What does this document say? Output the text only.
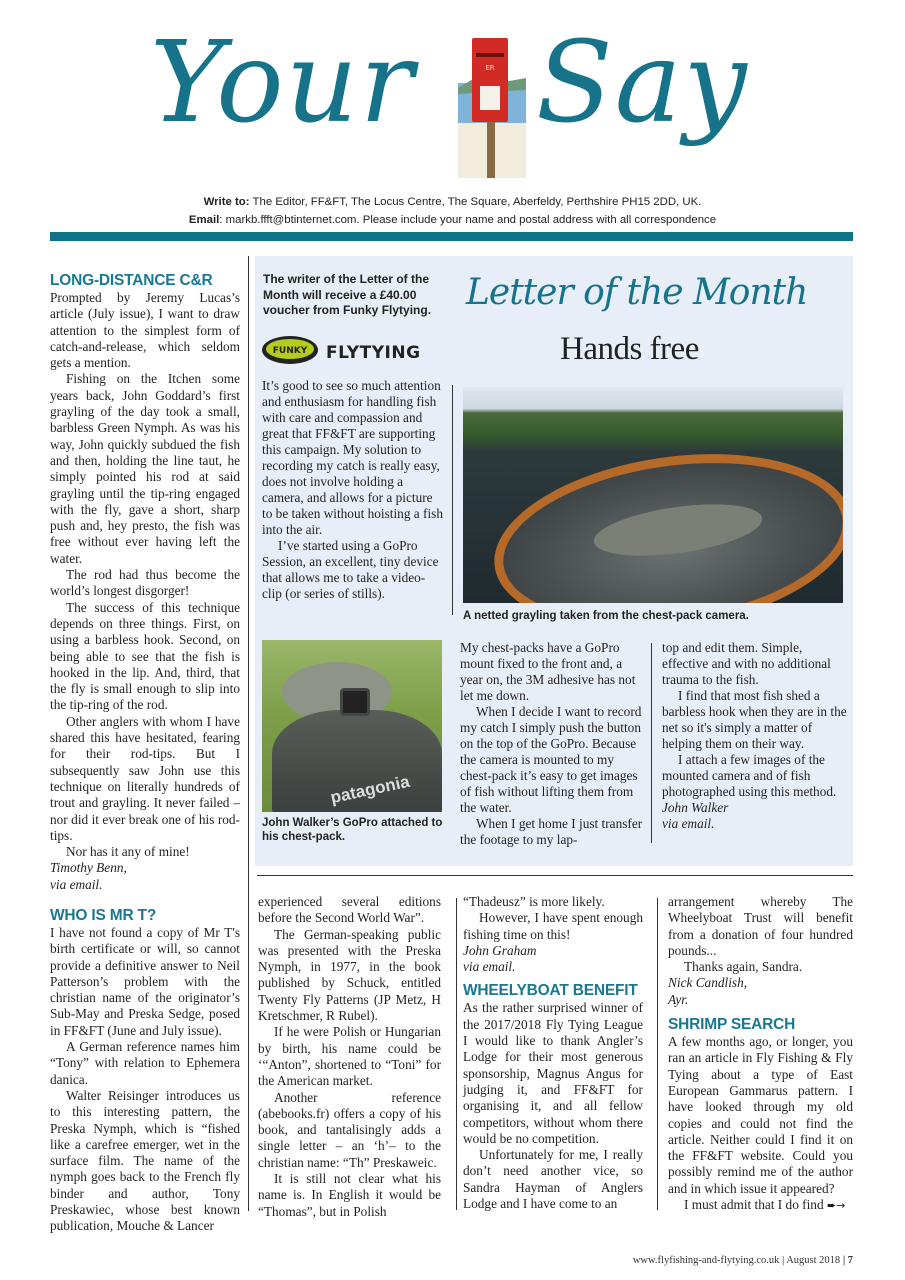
Your	ER Say
Write to: The Editor, FF&FT, The Locus Centre, The Square, Aberfeldy, Perthshire PH15 2DD, UK.
Email: markb.ffft@btinternet.com. Please include your name and postal address with all correspondence
LONG-DISTANCE C&R

Prompted by Jeremy Lucas’s article (July issue), I want to draw attention to the simplest form of catch-and-release, which seldom gets a mention.

Fishing on the Itchen some years back, John Goddard’s first grayling of the day took a small, barbless Green Nymph. As was his way, John quickly subdued the fish and then, holding the line taut, he simply pointed his rod at said grayling until the tip-ring engaged with the fly, gave a short, sharp push and, hey presto, the fish was free without ever having left the water.

The rod had thus become the world’s longest disgorger!

The success of this technique depends on three things. First, on using a barbless hook. Second, on being able to see that the fish is hooked in the lip. And, third, that the fly is small enough to slip into the tip-ring of the rod.

Other anglers with whom I have shared this have hesitated, fearing for their rod-tips. But I subsequently saw John use this technique on literally hundreds of trout and grayling. It never failed – nor did it ever break one of his rod-tips.

Nor has it any of mine!

Timothy Benn,

via email.

WHO IS MR T?

I have not found a copy of Mr T's birth certificate or will, so cannot provide a definitive answer to Neil Patterson’s problem with the christian name of the originator’s Sub-May and Preska Sedge, posed in FF&FT (June and July issue).

A German reference names him “Tony” with relation to Ephemera danica.

Walter Reisinger introduces us to this interesting pattern, the Preska Nymph, which is “fished like a carefree emerger, wet in the surface film. The name of the nymph goes back to the French fly binder and author, Tony Preskawiec, whose best known publication, Mouche & Lancer

The writer of the Letter of the Month will receive a £40.00 voucher from Funky Flytying.
FUNKY FLYTYING

It’s good to see so much attention and enthusiasm for handling fish with care and compassion and great that FF&FT are supporting this campaign. My solution to recording my catch is really easy, does not involve holding a camera, and allows for a picture to be taken without hoisting a fish into the air.

I’ve started using a GoPro Session, an excellent, tiny device that allows me to take a video-clip (or series of stills).

patagonia
John Walker’s GoPro attached to his chest-pack.
Letter of the Month
Hands free
A netted grayling taken from the chest-pack camera.

My chest-packs have a GoPro mount fixed to the front and, a year on, the 3M adhesive has not let me down.

When I decide I want to record my catch I simply push the button on the top of the GoPro. Because the camera is mounted to my chest-pack it’s easy to get images of fish without lifting them from the water.

When I get home I just transfer the footage to my lap-

top and edit them. Simple, effective and with no additional trauma to the fish.

I find that most fish shed a barbless hook when they are in the net so it's simply a matter of helping them on their way.

I attach a few images of the mounted camera and of fish photographed using this method.

John Walker

via email.

experienced several editions before the Second World War”.

The German-speaking public was presented with the Preska Nymph, in 1977, in the book published by Schuck, entitled Twenty Fly Patterns (JP Metz, H Kretschmer, R Rubel).

If he were Polish or Hungarian by birth, his name could be ‘“Anton”, shortened to “Toni” for the American market.

Another reference (abebooks.fr) offers a copy of his book, and tantalisingly adds a single letter – an ‘h’– to the christian name: “Th” Preskaweic.

It is still not clear what his name is. In English it would be “Thomas”, but in Polish

“Thadeusz” is more likely.

However, I have spent enough fishing time on this!

John Graham

via email.

WHEELYBOAT BENEFIT

As the rather surprised winner of the 2017/2018 Fly Tying League I would like to thank Angler’s Lodge for their most generous sponsorship, Magnus Angus for judging it, and FF&FT for organising it, and all fellow competitors, without whom there would be no competition.

Unfortunately for me, I really don’t need another vice, so Sandra Hayman of Anglers Lodge and I have come to an

arrangement whereby The Wheelyboat Trust will benefit from a donation of four hundred pounds...

Thanks again, Sandra.

Nick Candlish,

Ayr.

SHRIMP SEARCH

A few months ago, or longer, you ran an article in Fly Fishing & Fly Tying about a type of East European Gammarus pattern. I have looked through my old copies and could not find the article. Neither could I find it on the FF&FT website. Could you possibly remind me of the author and in which issue it appeared?

I must admit that I do find ➨→

www.flyfishing-and-flytying.co.uk | August 2018 | 7
